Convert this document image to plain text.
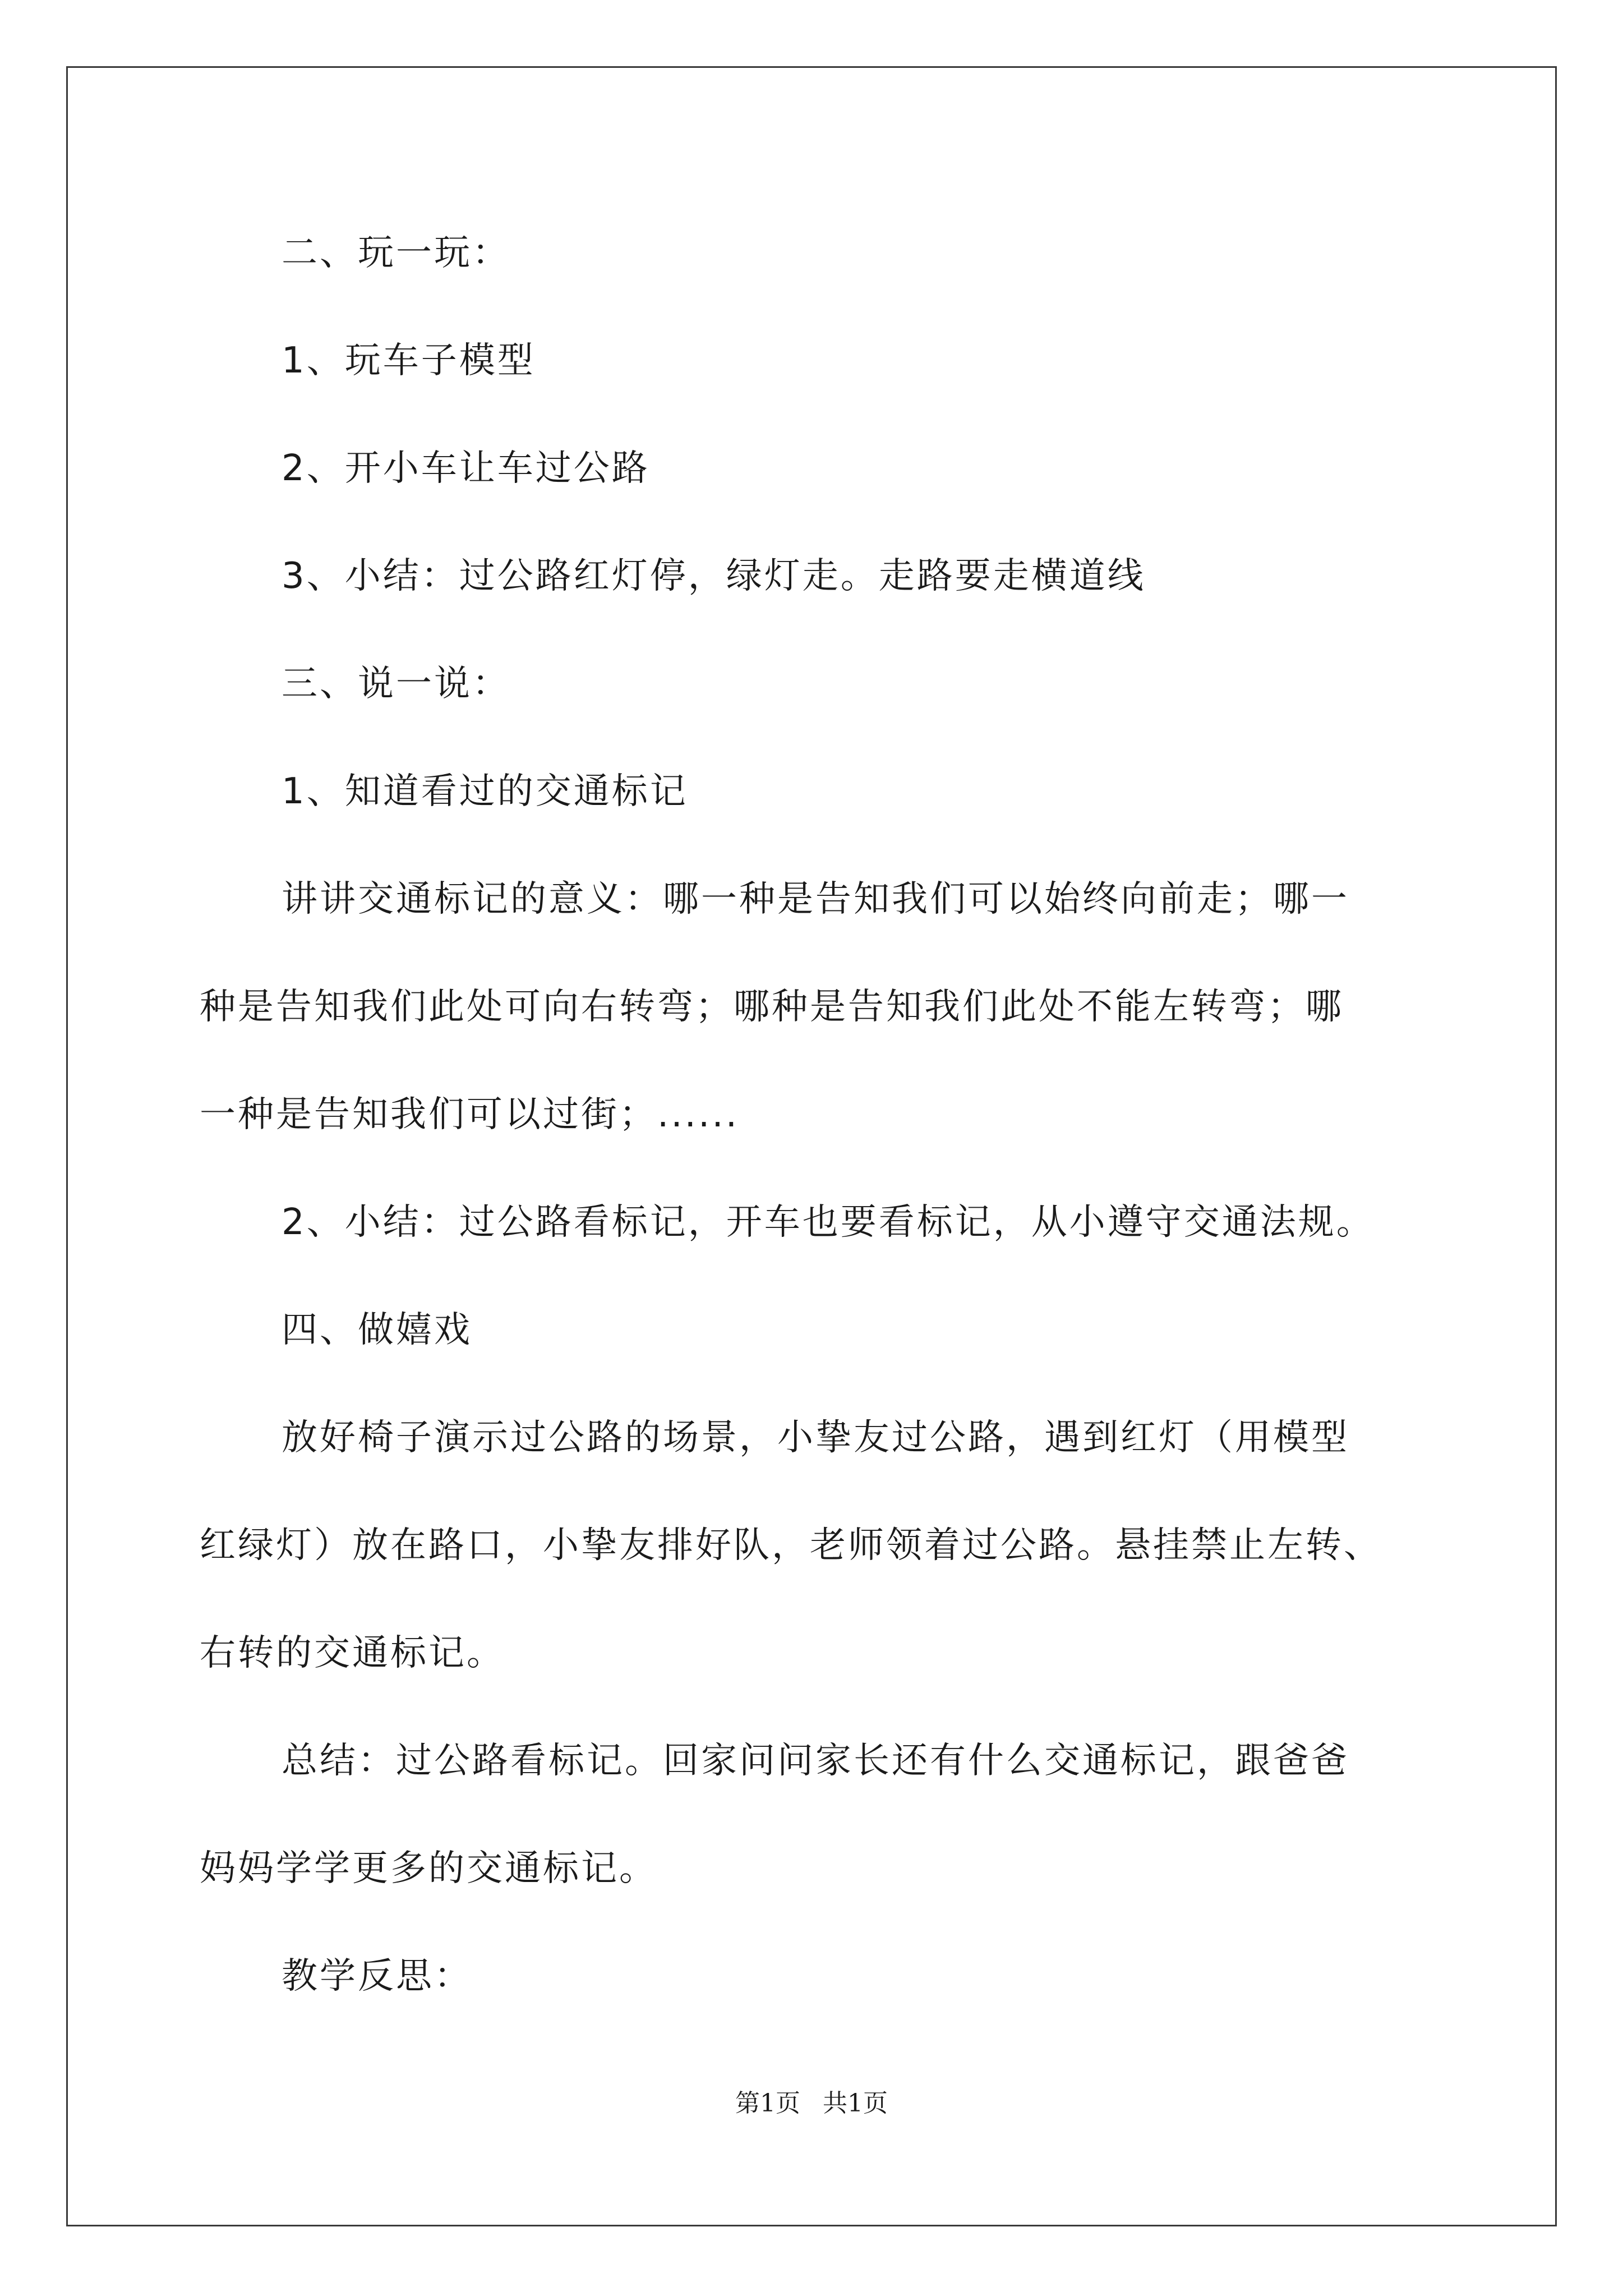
二、玩一玩：
1、玩车子模型
2、开小车让车过公路
3、小结：过公路红灯停，绿灯走。走路要走横道线
三、说一说：
1、知道看过的交通标记
讲讲交通标记的意义：哪一种是告知我们可以始终向前走；哪一
种是告知我们此处可向右转弯；哪种是告知我们此处不能左转弯；哪
一种是告知我们可以过街；......
2、小结：过公路看标记，开车也要看标记，从小遵守交通法规。
四、做嬉戏
放好椅子演示过公路的场景，小挚友过公路，遇到红灯（用模型
红绿灯）放在路口，小挚友排好队，老师领着过公路。悬挂禁止左转、
右转的交通标记。
总结：过公路看标记。回家问问家长还有什么交通标记，跟爸爸
妈妈学学更多的交通标记。
教学反思：
第1页 共1页
